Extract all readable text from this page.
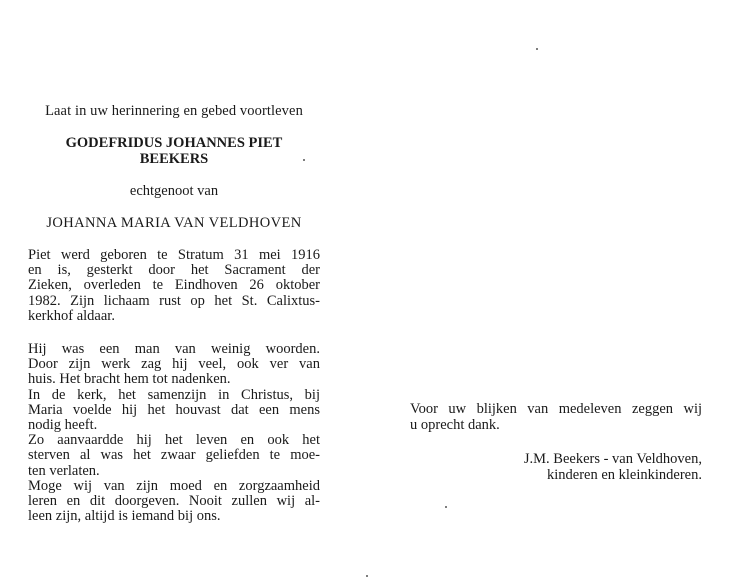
Laat in uw herinnering en gebed voortleven

GODEFRIDUS JOHANNES PIET
BEEKERS

echtgenoot van

JOHANNA MARIA VAN VELDHOVEN

Piet werd geboren te Stratum 31 mei 1916
en is, gesterkt door het Sacrament der
Zieken, overleden te Eindhoven 26 oktober
1982. Zijn lichaam rust op het St. Calixtus-
kerkhof aldaar.

Hij was een man van weinig woorden.
Door zijn werk zag hij veel, ook ver van
huis. Het bracht hem tot nadenken.
In de kerk, het samenzijn in Christus, bij
Maria voelde hij het houvast dat een mens
nodig heeft.
Zo aanvaardde hij het leven en ook het
sterven al was het zwaar geliefden te moe-
ten verlaten.
Moge wij van zijn moed en zorgzaamheid
leren en dit doorgeven. Nooit zullen wij al-
leen zijn, altijd is iemand bij ons.

Voor uw blijken van medeleven zeggen wij
u oprecht dank.

J.M. Beekers - van Veldhoven,
kinderen en kleinkinderen.
